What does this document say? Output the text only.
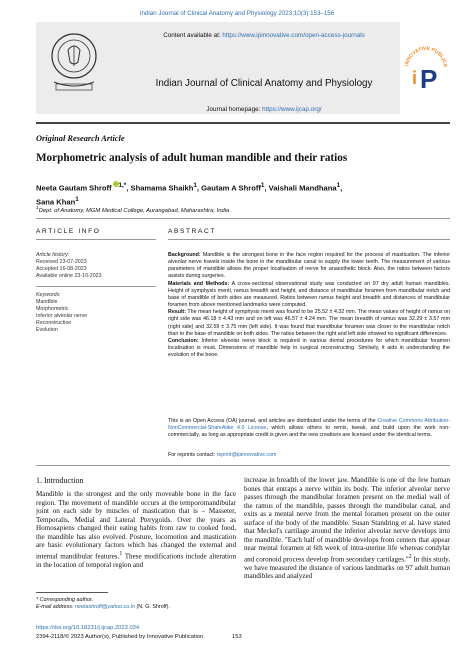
Indian Journal of Clinical Anatomy and Physiology 2023;10(3):153–156
Content available at: https://www.ipinnovative.com/open-access-journals
Indian Journal of Clinical Anatomy and Physiology
Journal homepage: https://www.ijcap.org/
INNOVATIVE PUBLICA
i P
Original Research Article
Morphometric analysis of adult human mandible and their ratios
Neeta Gautam Shroff $^{1,*}$, Shamama Shaikh$^1$, Gautam A Shroff$^1$, Vaishali Mandhana$^1$,
Sana Khan$^1$
$^1$Dept. of Anatomy, MGM Medical College, Aurangabad, Maharashtra, India
ARTICLE INFO	ABSTRACT
Article history:
Received 23-07-2023
Accepted 16-08-2023
Available online 23-10-2023
Keywords:
Mandible
Morphometric
Inferior alveolar nerve
Reconstruction
Evolution

Background: Mandible is the strongest bone in the face region required for the process of mastication. The inferior alveolar nerve travels inside the bone in the mandibular canal to supply the lower teeth. The measurement of various parameters of mandible allows the proper localisation of nerve for anaesthetic block. Also, the ratios between factors assists during surgeries.

Materials and Methods: A cross-sectional observational study was conducted on 97 dry adult human mandibles. Height of symphysis menti, ramus breadth and height, and distance of mandibular foramen from mandibular notch and base of mandible of both sides are measured. Ratios between ramus height and breadth and distances of mandibular foramen from above mentioned landmarks were computed.

Result: The mean height of symphysis menti was found to be 25.52 ± 4.32 mm. The mean values of height of ramus on right side was 46.18 ± 4.43 mm and on left was 46.57 ± 4.24 mm. The mean breadth of ramus was 32.29 ± 3.57 mm (right side) and 32.59 ± 3.75 mm (left side). It was found that mandibular foramen was closer to the mandibular notch than to the base of mandible on both sides. The ratios between the right and left side showed no significant differences.

Conclusion: Inferior alveolar nerve block is required in various dental procedures for which mandibular foramen localisation is must. Dimensions of mandible help in surgical reconstructing. Similarly, it aids in understanding the evolution of the bone.

This is an Open Access (OA) journal, and articles are distributed under the terms of the Creative Commons Attribution-NonCommercial-ShareAlike 4.0 License, which allows others to remix, tweak, and build upon the work non-commercially, as long as appropriate credit is given and the new creations are licensed under the identical terms.
For reprints contact: reprint@ipinnovative.com
1. Introduction

Mandible is the strongest and the only moveable bone in the face region. The movement of mandible occurs at the temporomandibular joint on each side by muscles of mastication that is – Masseter, Temporalis, Medial and Lateral Pterygoids. Over the years as Homosapiens changed their eating habits from raw to cooked food, the mandible has also evolved. Posture, locomotion and mastication are basic evolutionary factors which has changed the external and internal mandibular features.$^1$ These modifications include alteration in the location of temporal region and

increase in breadth of the lower jaw. Mandible is one of the few human bones that entraps a nerve within its body. The inferior alveolar nerve passes through the mandibular foramen present on the medial wall of the ramus of the mandible, passes through the mandibular canal, and exits as a mental nerve from the mental foramen present on the outer surface of the body of the mandible. Susan Standring et al. have stated that Meckel's cartilage around the inferior alveolar nerve develops into the mandible. "Each half of mandible develops from centers that appear near mental foramen at 6th week of intra-uterine life whereas condylar and coronoid process develop from secondary cartilages."$^2$ In this study, we have measured the distance of various landmarks on 97 adult human mandibles and analyzed

* Corresponding author.
E-mail address: neetashroff@yahoo.co.in (N. G. Shroff).
https://doi.org/10.18231/j.ijcap.2023.034
2394-2118/© 2023 Author(s), Published by Innovative Publication.	153
